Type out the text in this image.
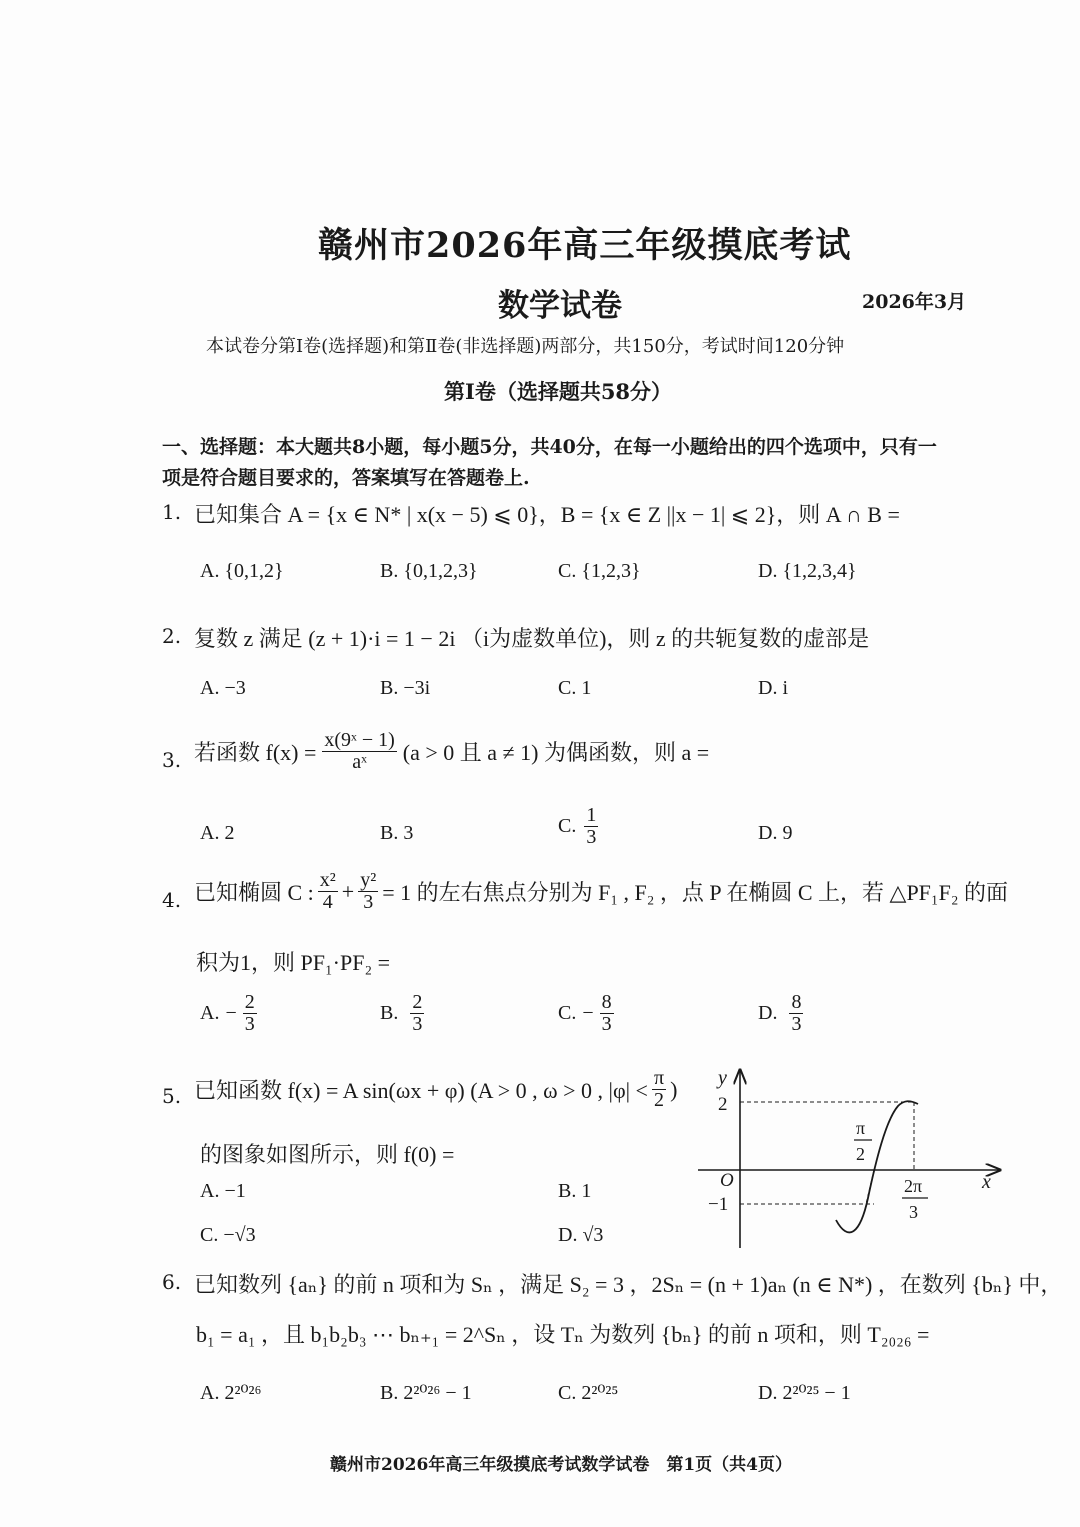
赣州市2026年高三年级摸底考试
数学试卷	2026年3月
本试卷分第Ⅰ卷(选择题)和第Ⅱ卷(非选择题)两部分，共150分，考试时间120分钟
第Ⅰ卷（选择题共58分）
一、选择题：本大题共8小题，每小题5分，共40分，在每一小题给出的四个选项中，只有一
项是符合题目要求的，答案填写在答题卷上.
1. 已知集合 A = {x ∈ N* | x(x − 5) ⩽ 0}，B = {x ∈ Z ||x − 1| ⩽ 2}，则 A ∩ B =
A. {0,1,2}	B. {0,1,2,3}	C. {1,2,3}	D. {1,2,3,4}
2. 复数 z 满足 (z + 1)·i = 1 − 2i （i为虚数单位)，则 z 的共轭复数的虚部是
A. −3	B. −3i	C. 1	D. i
3. 若函数 $f(x) = \frac{\text{x(9ˣ − 1)}}{\text{aˣ}} (a > 0$ 且 a ≠ 1) 为偶函数，则 a =
A. 2	B. 3	C. $\frac{1}{3}$	D. 9
4. 已知椭圆 C : $\frac{\text{x²}}{4} + \frac{\text{y²}}{3} = 1$ 的左右焦点分别为 F₁ , F₂ ，点 P 在椭圆 C 上，若 △PF₁F₂ 的面
积为1，则 PF₁·PF₂ =
A. − $\frac{2}{3}$	B. $\frac{2}{3}$	C. − $\frac{8}{3}$	D. $\frac{8}{3}$
5. 已知函数 f(x) = A sin(ωx + φ) (A > 0 , ω > 0 , $|\varphi| < \frac{\pi}{2}$ )
的图象如图所示，则 f(0) =
A. −1	B. 1
C. −√3	D. √3
y
x
O
2
−1
π
2
2π
3
6. 已知数列 {aₙ} 的前 n 项和为 Sₙ ，满足 S₂ = 3 ，2Sₙ = (n + 1)aₙ (n ∈ N*) ，在数列 {bₙ} 中，
b₁ = a₁ ，且 b₁b₂b₃ ⋯ bₙ₊₁ = 2^Sₙ ，设 Tₙ 为数列 {bₙ} 的前 n 项和，则 T₂₀₂₆ =
A. 2²⁰²⁶	B. 2²⁰²⁶ − 1	C. 2²⁰²⁵	D. 2²⁰²⁵ − 1
赣州市2026年高三年级摸底考试数学试卷　第1页（共4页）
